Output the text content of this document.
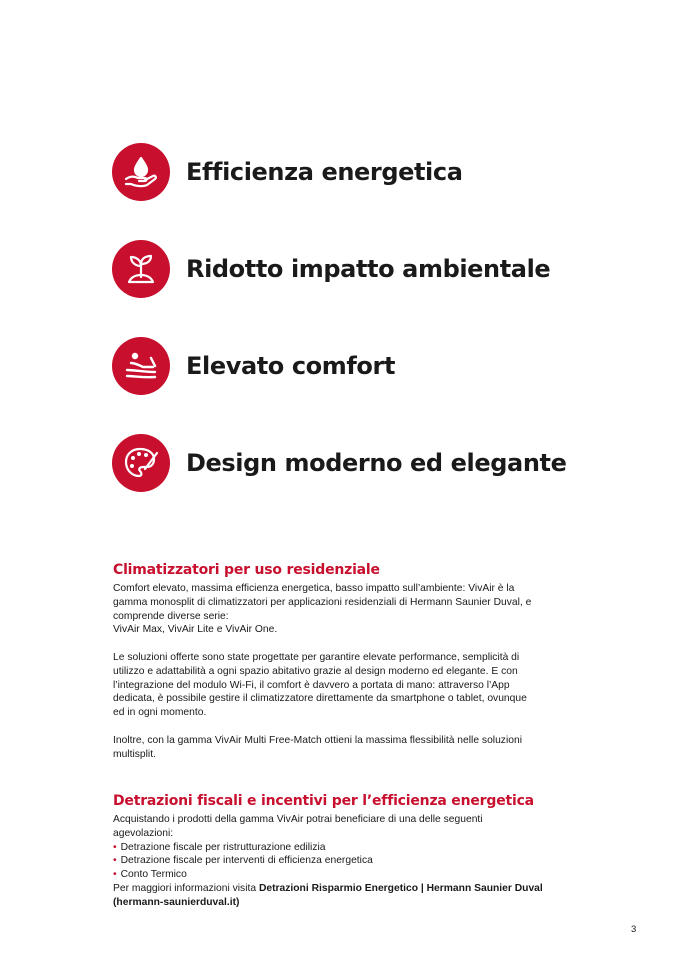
Efficienza energetica
Ridotto impatto ambientale
Elevato comfort
Design moderno ed elegante
Climatizzatori per uso residenziale

Comfort elevato, massima efficienza energetica, basso impatto sull’ambiente: VivAir è la
gamma monosplit di climatizzatori per applicazioni residenziali di Hermann Saunier Duval, e
comprende diverse serie:
VivAir Max, VivAir Lite e VivAir One.

Le soluzioni offerte sono state progettate per garantire elevate performance, semplicità di
utilizzo e adattabilità a ogni spazio abitativo grazie al design moderno ed elegante. E con
l’integrazione del modulo Wi-Fi, il comfort è davvero a portata di mano: attraverso l’App
dedicata, è possibile gestire il climatizzatore direttamente da smartphone o tablet, ovunque
ed in ogni momento.

Inoltre, con la gamma VivAir Multi Free-Match ottieni la massima flessibilità nelle soluzioni
multisplit.

Detrazioni fiscali e incentivi per l’efficienza energetica

Acquistando i prodotti della gamma VivAir potrai beneficiare di una delle seguenti
agevolazioni:

• Detrazione fiscale per ristrutturazione edilizia
• Detrazione fiscale per interventi di efficienza energetica
• Conto Termico

Per maggiori informazioni visita Detrazioni Risparmio Energetico | Hermann Saunier Duval
(hermann-saunierduval.it)

3
